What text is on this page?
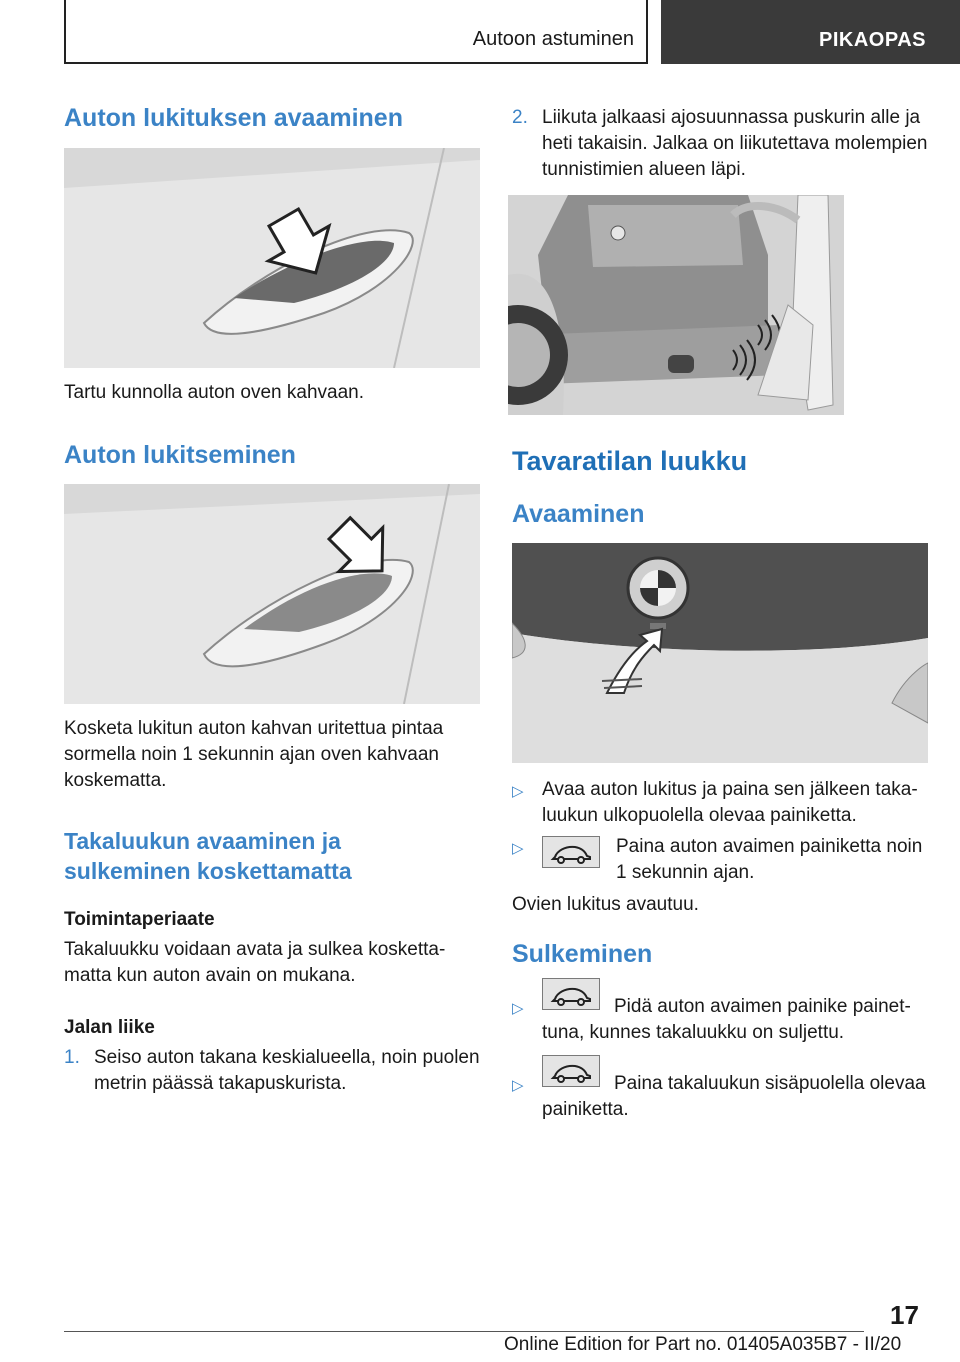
Autoon astuminen	PIKAOPAS
Auton lukituksen avaaminen

Tartu kunnolla auton oven kahvaan.

Auton lukitseminen

Kosketa lukitun auton kahvan uritettua pintaa sormella noin 1 sekunnin ajan oven kahvaan koskematta.

Takaluukun avaaminen ja
sulkeminen koskettamatta
Toimintaperiaate

Takaluukku voidaan avata ja sulkea koskettamatta kun auton avain on mukana.

Jalan liike
1. Seiso auton takana keskialueella, noin puolen metrin päässä takapuskurista.

2. Liikuta jalkaasi ajosuunnassa puskurin alle ja heti takaisin. Jalkaa on liikutettava molempien tunnistimien alueen läpi.

Tavaratilan luukku
Avaaminen
▷ Avaa auton lukitus ja paina sen jälkeen takaluukun ulkopuolella olevaa painiketta.

▷	Paina auton avaimen painiketta noin 1 sekunnin ajan.

Ovien lukitus avautuu.

Sulkeminen
▷	Pidä auton avaimen painike painettuna, kunnes takaluukku on suljettu.

▷	Paina takaluukun sisäpuolella olevaa painiketta.

17
Online Edition for Part no. 01405A035B7 - II/20
